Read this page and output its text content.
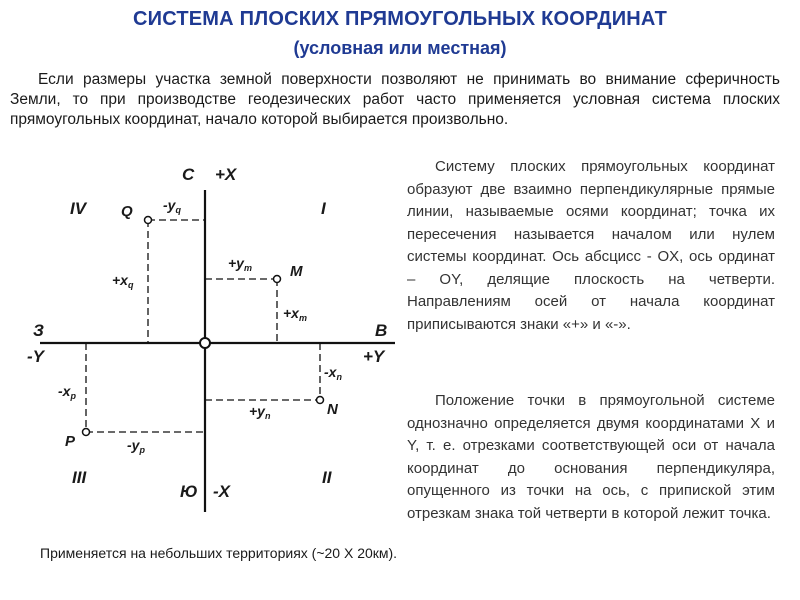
СИСТЕМА ПЛОСКИХ ПРЯМОУГОЛЬНЫХ КООРДИНАТ
(условная или местная)
Если размеры участка земной поверхности позволяют не принимать во внимание сферичность Земли, то при производстве геодезических работ часто применяется условная система плоских прямоугольных координат, начало которой выбирается произвольно.
С +X
Ю -X
З
-Y
В
+Y
I
II
III
IV Q
M
N
P
$-y_q$
$+x_q$
$+y_m$
$+x_m$
$-x_n$
$+y_n$
$-x_p$
$-y_p$
Систему плоских прямоугольных координат образуют две взаимно перпендикулярные прямые линии, называемые осями координат; точка их пересечения называется началом или нулем системы координат. Ось абсцисс - OX, ось ординат – OY, делящие плоскость на четверти. Направлениям осей от начала координат приписываются знаки «+» и «-».
Положение точки в прямоугольной системе однозначно определяется двумя координатами X и Y, т. е. отрезками соответствующей оси от начала координат до основания перпендикуляра, опущенного из точки на ось, с припиской этим отрезкам знака той четверти в которой лежит точка.
Применяется на небольших территориях (~20 X 20км).
